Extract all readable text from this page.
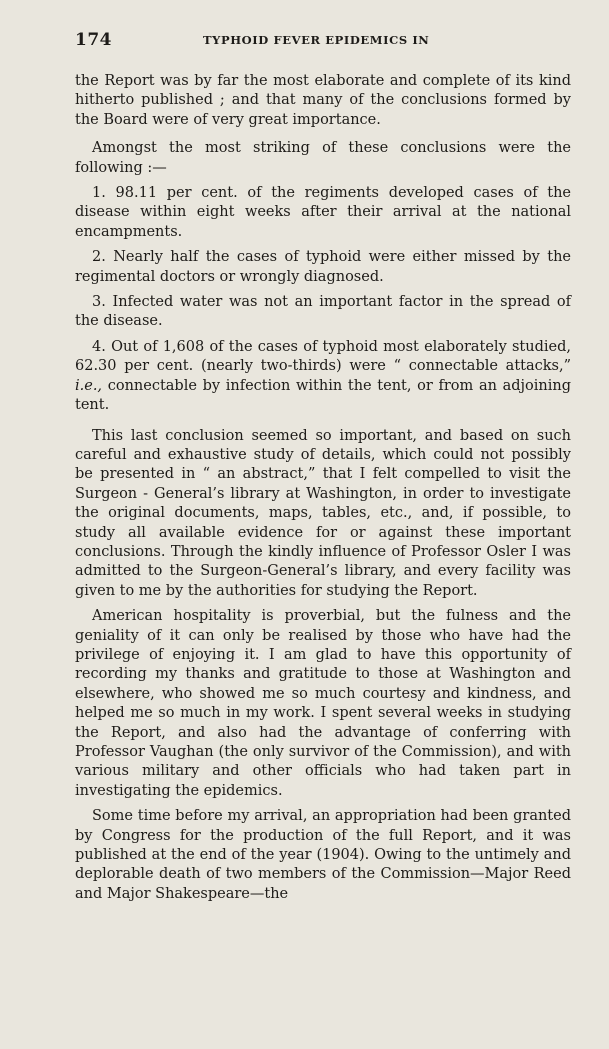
174	TYPHOID FEVER EPIDEMICS IN

the Report was by far the most elaborate and complete of its kind hitherto published ; and that many of the conclusions formed by the Board were of very great importance.

Amongst the most striking of these conclusions were the following :—

1. 98.11 per cent. of the regiments developed cases of the disease within eight weeks after their arrival at the national encampments.

2. Nearly half the cases of typhoid were either missed by the regimental doctors or wrongly diagnosed.

3. Infected water was not an important factor in the spread of the disease.

4. Out of 1,608 of the cases of typhoid most elaborately studied, 62.30 per cent. (nearly two-thirds) were “ connectable attacks,” i.e., connectable by infection within the tent, or from an adjoining tent.

This last conclusion seemed so important, and based on such careful and exhaustive study of details, which could not possibly be presented in “ an abstract,” that I felt compelled to visit the Surgeon - General’s library at Washington, in order to investigate the original documents, maps, tables, etc., and, if possible, to study all available evidence for or against these important conclusions. Through the kindly influence of Professor Osler I was admitted to the Surgeon-General’s library, and every facility was given to me by the authorities for studying the Report.

American hospitality is proverbial, but the fulness and the geniality of it can only be realised by those who have had the privilege of enjoying it. I am glad to have this opportunity of recording my thanks and gratitude to those at Washington and elsewhere, who showed me so much courtesy and kindness, and helped me so much in my work. I spent several weeks in studying the Report, and also had the advantage of conferring with Professor Vaughan (the only survivor of the Commission), and with various military and other officials who had taken part in investigating the epidemics.

Some time before my arrival, an appropriation had been granted by Congress for the production of the full Report, and it was published at the end of the year (1904). Owing to the untimely and deplorable death of two members of the Commission—Major Reed and Major Shakespeare—the
